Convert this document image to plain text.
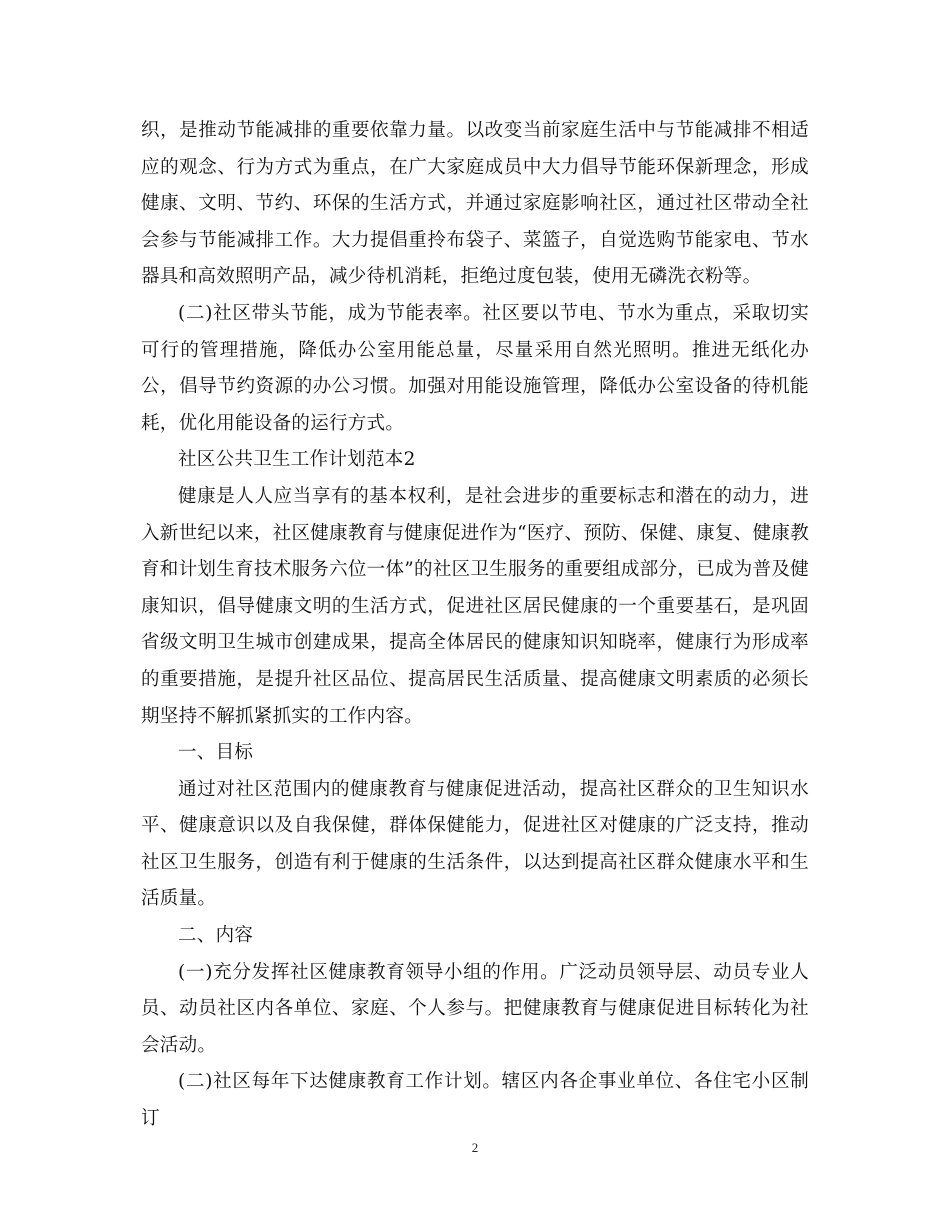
织，是推动节能减排的重要依靠力量。以改变当前家庭生活中与节能减排不相适应的观念、行为方式为重点，在广大家庭成员中大力倡导节能环保新理念，形成健康、文明、节约、环保的生活方式，并通过家庭影响社区，通过社区带动全社会参与节能减排工作。大力提倡重拎布袋子、菜篮子，自觉选购节能家电、节水器具和高效照明产品，减少待机消耗，拒绝过度包装，使用无磷洗衣粉等。

(二)社区带头节能，成为节能表率。社区要以节电、节水为重点，采取切实可行的管理措施，降低办公室用能总量，尽量采用自然光照明。推进无纸化办公，倡导节约资源的办公习惯。加强对用能设施管理，降低办公室设备的待机能耗，优化用能设备的运行方式。

社区公共卫生工作计划范本2

健康是人人应当享有的基本权利，是社会进步的重要标志和潜在的动力，进入新世纪以来，社区健康教育与健康促进作为“医疗、预防、保健、康复、健康教育和计划生育技术服务六位一体”的社区卫生服务的重要组成部分，已成为普及健康知识，倡导健康文明的生活方式，促进社区居民健康的一个重要基石，是巩固省级文明卫生城市创建成果，提高全体居民的健康知识知晓率，健康行为形成率的重要措施，是提升社区品位、提高居民生活质量、提高健康文明素质的必须长期坚持不解抓紧抓实的工作内容。

一、目标

通过对社区范围内的健康教育与健康促进活动，提高社区群众的卫生知识水平、健康意识以及自我保健，群体保健能力，促进社区对健康的广泛支持，推动社区卫生服务，创造有利于健康的生活条件，以达到提高社区群众健康水平和生活质量。

二、内容

(一)充分发挥社区健康教育领导小组的作用。广泛动员领导层、动员专业人员、动员社区内各单位、家庭、个人参与。把健康教育与健康促进目标转化为社会活动。

(二)社区每年下达健康教育工作计划。辖区内各企事业单位、各住宅小区制订

2
